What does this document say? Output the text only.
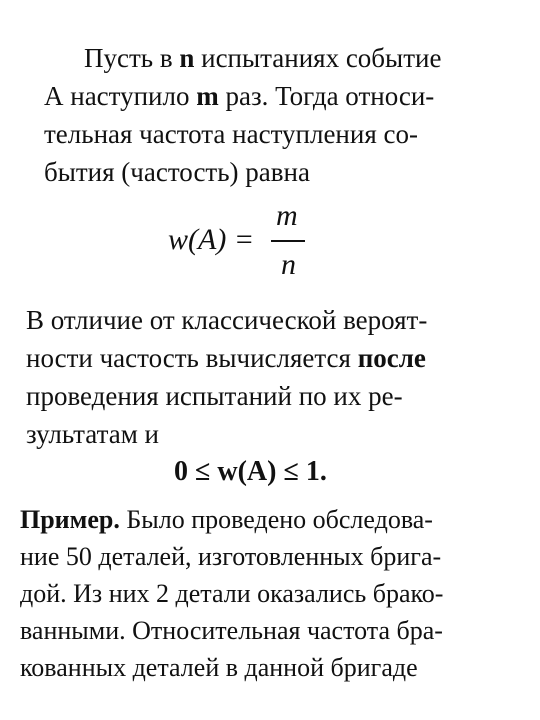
Пусть в n испытаниях событие
А наступило m раз. Тогда относи-
тельная частота наступления со-
бытия (частость) равна
w(A) =
m
n
В отличие от классической вероят-
ности частость вычисляется после
проведения испытаний по их ре-
зультатам и
0 ≤ w(A) ≤ 1.
Пример. Было проведено обследова-
ние 50 деталей, изготовленных брига-
дой. Из них 2 детали оказались брако-
ванными. Относительная частота бра-
кованных деталей в данной бригаде
